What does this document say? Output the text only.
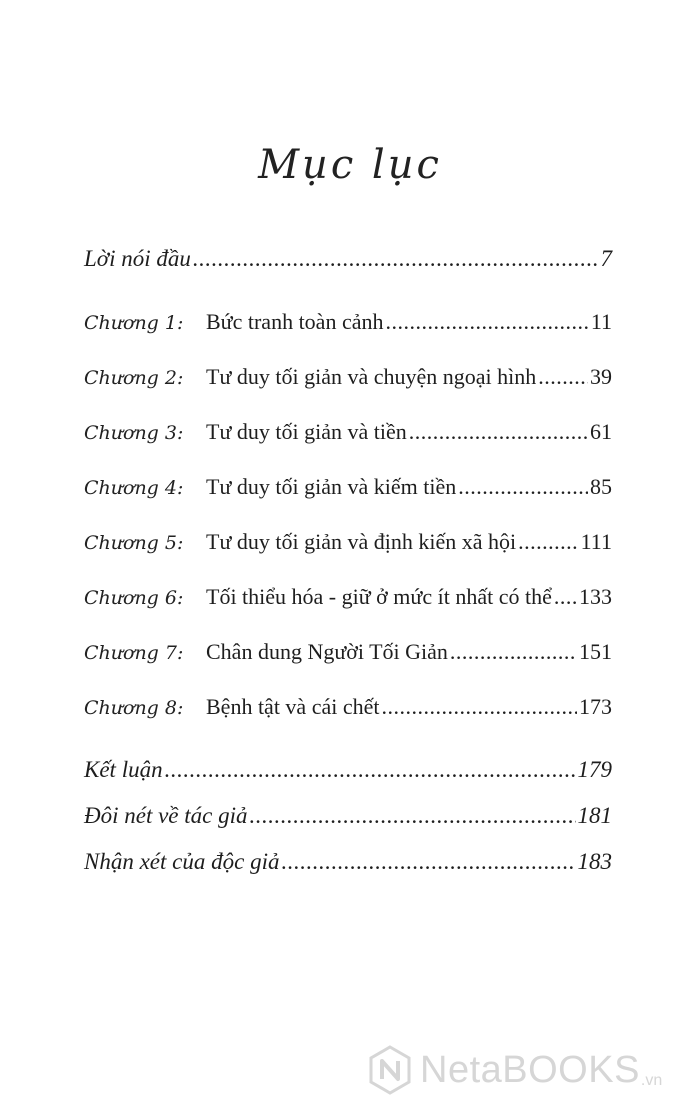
Mục lục
Lời nói đầu .....	7
Chương 1: Bức tranh toàn cảnh .....	11
Chương 2: Tư duy tối giản và chuyện ngoại hình ..... 39
Chương 3: Tư duy tối giản và tiền .....	61
Chương 4: Tư duy tối giản và kiếm tiền .....	85
Chương 5: Tư duy tối giản và định kiến xã hội .....	111
Chương 6: Tối thiểu hóa - giữ ở mức ít nhất có thể ..... 133
Chương 7: Chân dung Người Tối Giản .....	151
Chương 8: Bệnh tật và cái chết .....	173
Kết luận .....	179
Đôi nét về tác giả .....	181
Nhận xét của độc giả .....	183
NetaBOOKS .vn
